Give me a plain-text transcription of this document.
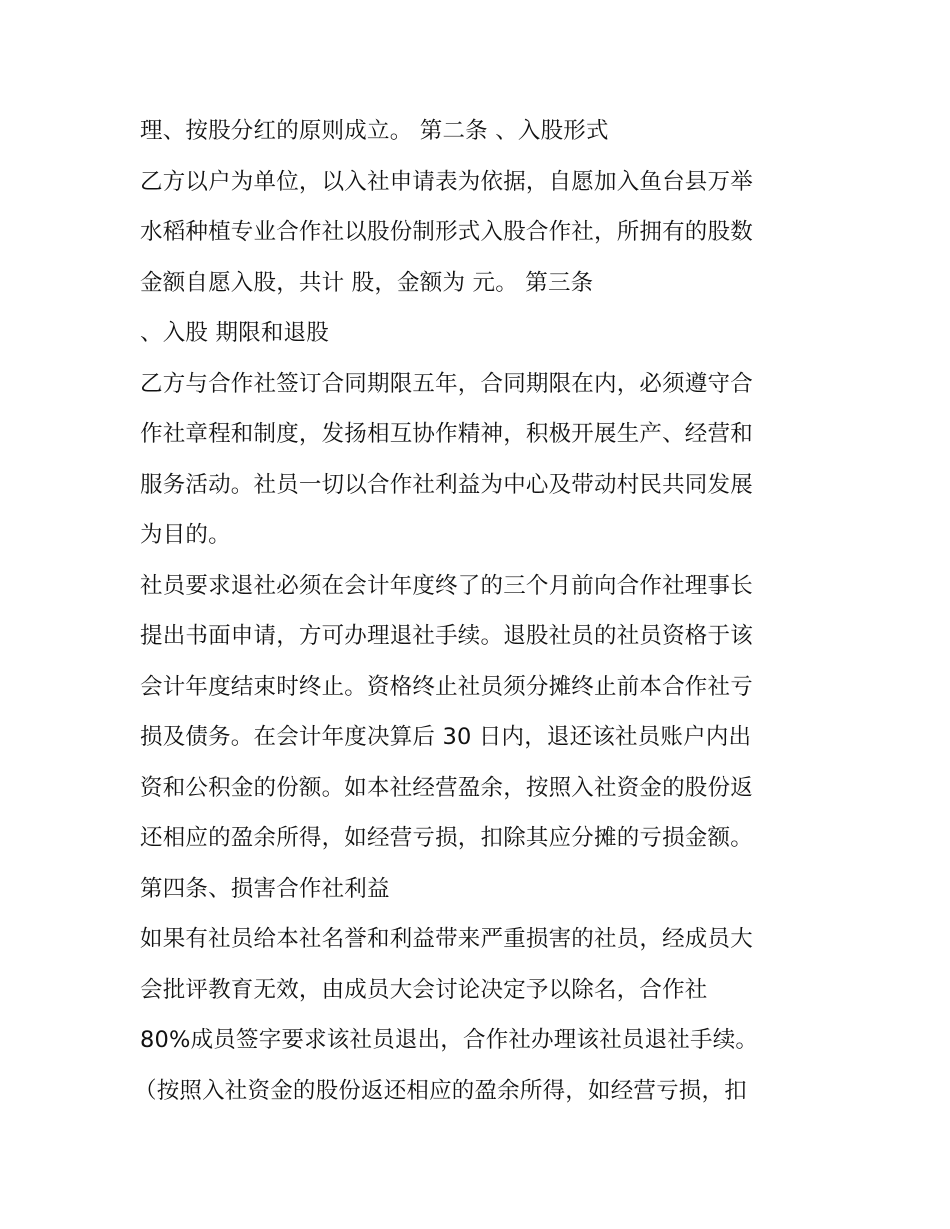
理、按股分红的原则成立。 第二条 、入股形式
乙方以户为单位，以入社申请表为依据，自愿加入鱼台县万举
水稻种植专业合作社以股份制形式入股合作社，所拥有的股数
金额自愿入股，共计 股，金额为 元。 第三条
、入股 期限和退股
乙方与合作社签订合同期限五年，合同期限在内，必须遵守合
作社章程和制度，发扬相互协作精神，积极开展生产、经营和
服务活动。社员一切以合作社利益为中心及带动村民共同发展
为目的。
社员要求退社必须在会计年度终了的三个月前向合作社理事长
提出书面申请，方可办理退社手续。退股社员的社员资格于该
会计年度结束时终止。资格终止社员须分摊终止前本合作社亏
损及债务。在会计年度决算后 30 日内，退还该社员账户内出
资和公积金的份额。如本社经营盈余，按照入社资金的股份返
还相应的盈余所得，如经营亏损，扣除其应分摊的亏损金额。
第四条、损害合作社利益
如果有社员给本社名誉和利益带来严重损害的社员，经成员大
会批评教育无效，由成员大会讨论决定予以除名，合作社
80%成员签字要求该社员退出，合作社办理该社员退社手续。
（按照入社资金的股份返还相应的盈余所得，如经营亏损，扣
